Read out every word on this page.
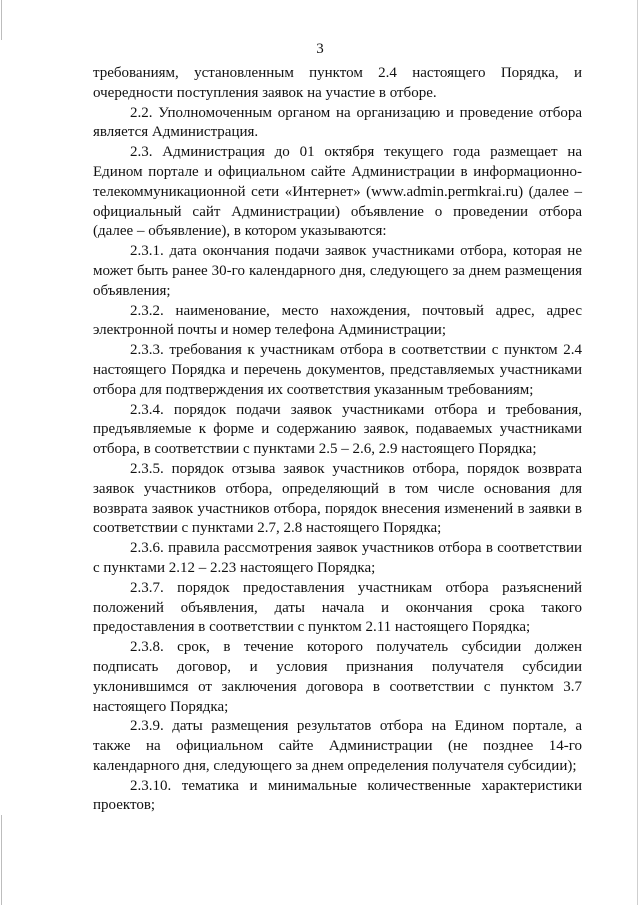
3

требованиям, установленным пунктом 2.4 настоящего Порядка, и очередности поступления заявок на участие в отборе.

2.2. Уполномоченным органом на организацию и проведение отбора является Администрация.

2.3. Администрация до 01 октября текущего года размещает на Едином портале и официальном сайте Администрации в информационно-телекоммуникационной сети «Интернет» (www.admin.permkrai.ru) (далее – официальный сайт Администрации) объявление о проведении отбора (далее – объявление), в котором указываются:

2.3.1. дата окончания подачи заявок участниками отбора, которая не может быть ранее 30-го календарного дня, следующего за днем размещения объявления;

2.3.2. наименование, место нахождения, почтовый адрес, адрес электронной почты и номер телефона Администрации;

2.3.3. требования к участникам отбора в соответствии с пунктом 2.4 настоящего Порядка и перечень документов, представляемых участниками отбора для подтверждения их соответствия указанным требованиям;

2.3.4. порядок подачи заявок участниками отбора и требования, предъявляемые к форме и содержанию заявок, подаваемых участниками отбора, в соответствии с пунктами 2.5 – 2.6, 2.9 настоящего Порядка;

2.3.5. порядок отзыва заявок участников отбора, порядок возврата заявок участников отбора, определяющий в том числе основания для возврата заявок участников отбора, порядок внесения изменений в заявки в соответствии с пунктами 2.7, 2.8 настоящего Порядка;

2.3.6. правила рассмотрения заявок участников отбора в соответствии с пунктами 2.12 – 2.23 настоящего Порядка;

2.3.7. порядок предоставления участникам отбора разъяснений положений объявления, даты начала и окончания срока такого предоставления в соответствии с пунктом 2.11 настоящего Порядка;

2.3.8. срок, в течение которого получатель субсидии должен подписать договор, и условия признания получателя субсидии уклонившимся от заключения договора в соответствии с пунктом 3.7 настоящего Порядка;

2.3.9. даты размещения результатов отбора на Едином портале, а также на официальном сайте Администрации (не позднее 14-го календарного дня, следующего за днем определения получателя субсидии);

2.3.10. тематика и минимальные количественные характеристики проектов;
